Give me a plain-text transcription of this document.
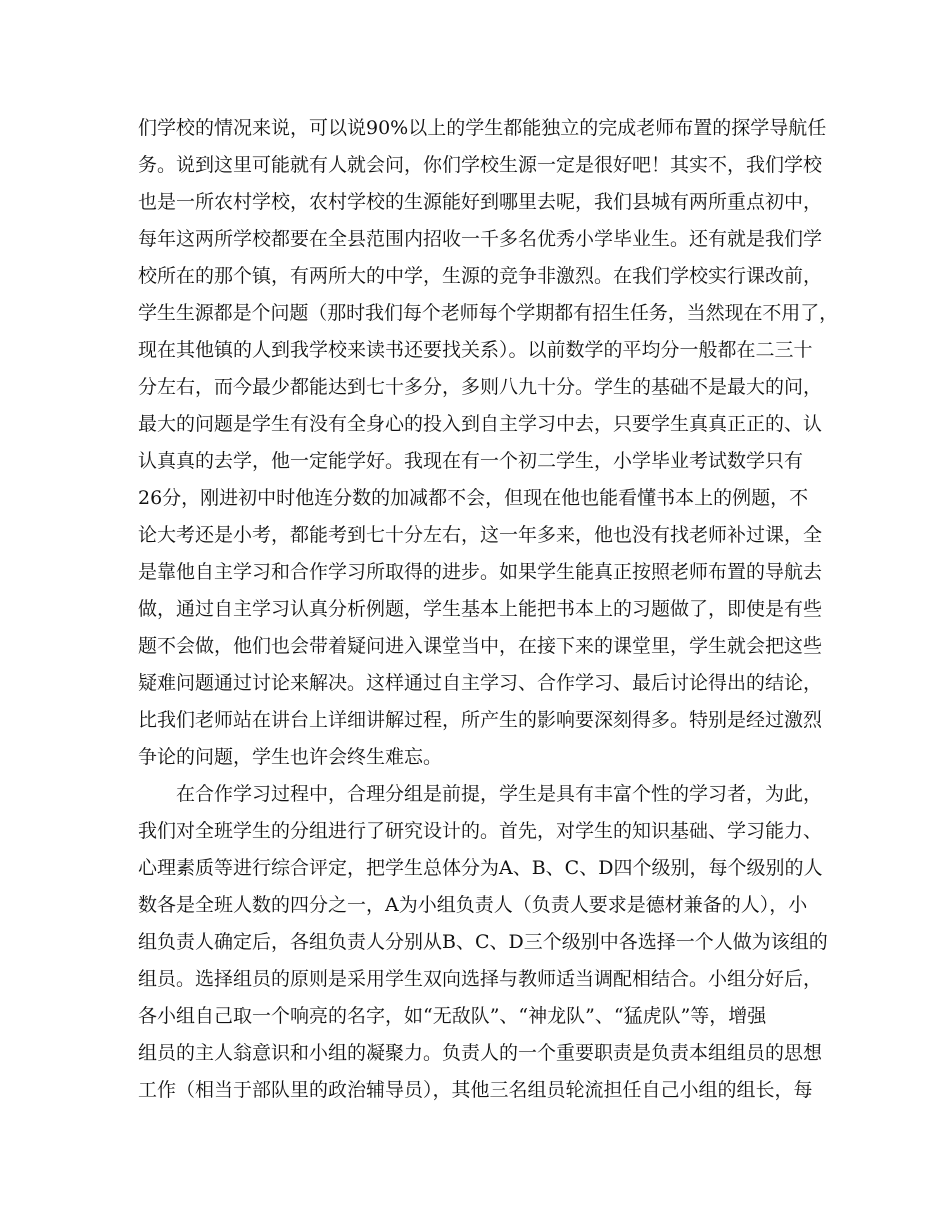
们学校的情况来说，可以说90%以上的学生都能独立的完成老师布置的探学导航任
务。说到这里可能就有人就会问，你们学校生源一定是很好吧！其实不，我们学校
也是一所农村学校，农村学校的生源能好到哪里去呢，我们县城有两所重点初中，
每年这两所学校都要在全县范围内招收一千多名优秀小学毕业生。还有就是我们学
校所在的那个镇，有两所大的中学，生源的竞争非激烈。在我们学校实行课改前，
学生生源都是个问题（那时我们每个老师每个学期都有招生任务，当然现在不用了，
现在其他镇的人到我学校来读书还要找关系）。以前数学的平均分一般都在二三十
分左右，而今最少都能达到七十多分，多则八九十分。学生的基础不是最大的问，
最大的问题是学生有没有全身心的投入到自主学习中去，只要学生真真正正的、认
认真真的去学，他一定能学好。我现在有一个初二学生，小学毕业考试数学只有
26分，刚进初中时他连分数的加减都不会，但现在他也能看懂书本上的例题，不
论大考还是小考，都能考到七十分左右，这一年多来，他也没有找老师补过课，全
是靠他自主学习和合作学习所取得的进步。如果学生能真正按照老师布置的导航去
做，通过自主学习认真分析例题，学生基本上能把书本上的习题做了，即使是有些
题不会做，他们也会带着疑问进入课堂当中，在接下来的课堂里，学生就会把这些
疑难问题通过讨论来解决。这样通过自主学习、合作学习、最后讨论得出的结论，
比我们老师站在讲台上详细讲解过程，所产生的影响要深刻得多。特别是经过激烈
争论的问题，学生也许会终生难忘。
在合作学习过程中，合理分组是前提，学生是具有丰富个性的学习者，为此，
我们对全班学生的分组进行了研究设计的。首先，对学生的知识基础、学习能力、
心理素质等进行综合评定，把学生总体分为A、B、C、D四个级别，每个级别的人
数各是全班人数的四分之一，A为小组负责人（负责人要求是德材兼备的人），小
组负责人确定后，各组负责人分别从B、C、D三个级别中各选择一个人做为该组的
组员。选择组员的原则是采用学生双向选择与教师适当调配相结合。小组分好后，
各小组自己取一个响亮的名字，如“无敌队”、“神龙队”、“猛虎队”等，增强
组员的主人翁意识和小组的凝聚力。负责人的一个重要职责是负责本组组员的思想
工作（相当于部队里的政治辅导员），其他三名组员轮流担任自己小组的组长，每
